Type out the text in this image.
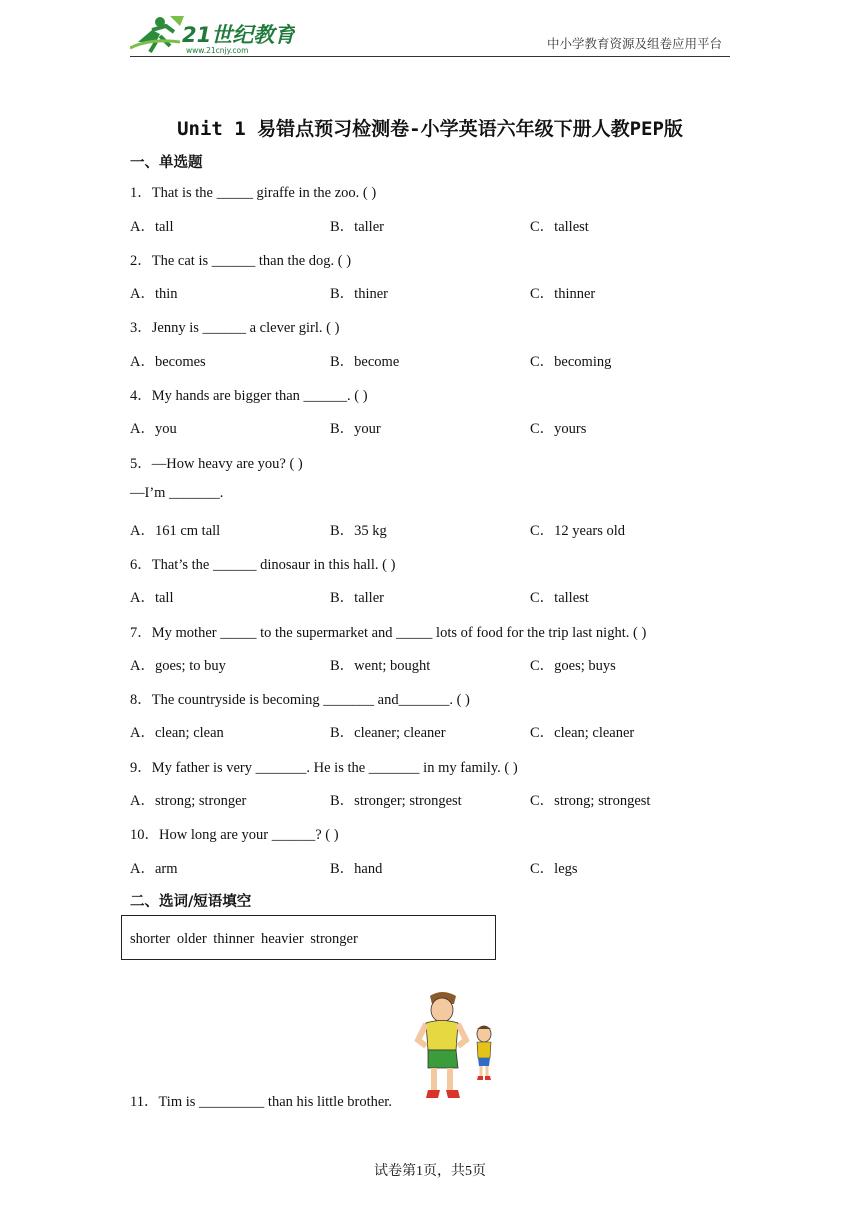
21世纪教育
www.21cnjy.com	中小学教育资源及组卷应用平台
Unit 1 易错点预习检测卷-小学英语六年级下册人教PEP版
一、单选题
1．That is the _____ giraffe in the zoo. ( )
A．tall	B．taller	C．tallest
2．The cat is ______ than the dog. ( )
A．thin	B．thiner	C．thinner
3．Jenny is ______ a clever girl. ( )
A．becomes	B．become	C．becoming
4．My hands are bigger than ______. ( )
A．you	B．your	C．yours
5．—How heavy are you? ( )
—I’m _______.
A．161 cm tall	B．35 kg	C．12 years old
6．That’s the ______ dinosaur in this hall. ( )
A．tall	B．taller	C．tallest
7．My mother _____ to the supermarket and _____ lots of food for the trip last night. ( )
A．goes; to buy	B．went; bought	C．goes; buys
8．The countryside is becoming _______ and_______. ( )
A．clean; clean	B．cleaner; cleaner	C．clean; cleaner
9．My father is very _______. He is the _______ in my family. ( )
A．strong; stronger	B．stronger; strongest	C．strong; strongest
10．How long are your ______? ( )
A．arm	B．hand	C．legs
二、选词/短语填空
shorter older thinner heavier stronger
11．Tim is _________ than his little brother.
试卷第1页，共5页
